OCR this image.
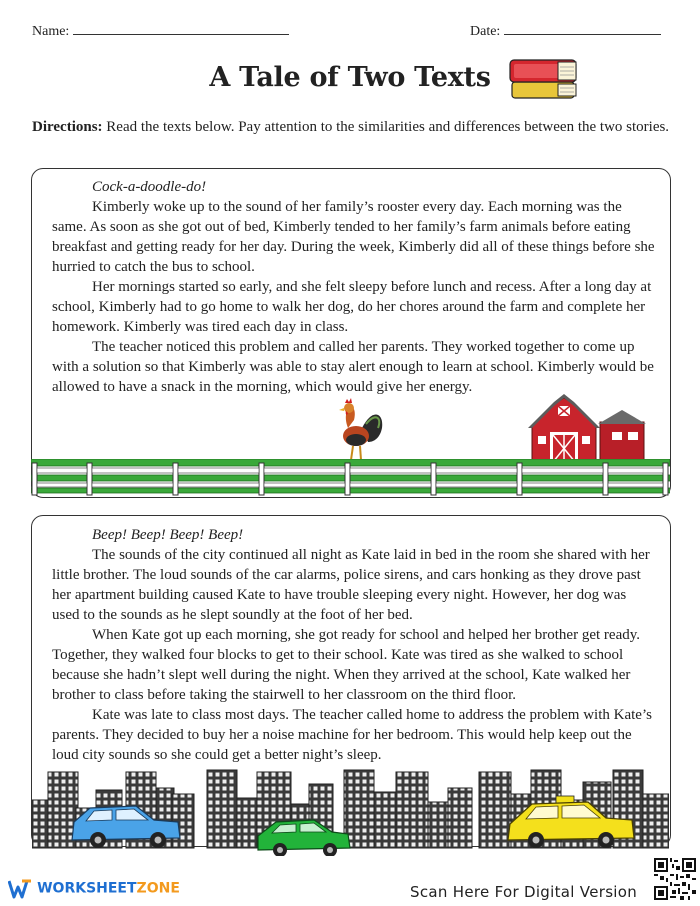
Name:	Date:
A Tale of Two Texts
Directions: Read the texts below. Pay attention to the similarities and differences between the two stories.

Cock-a-doodle-do!

Kimberly woke up to the sound of her family’s rooster every day. Each morning was the same. As soon as she got out of bed, Kimberly tended to her family’s farm animals before eating breakfast and getting ready for her day. During the week, Kimberly did all of these things before she hurried to catch the bus to school.

Her mornings started so early, and she felt sleepy before lunch and recess. After a long day at school, Kimberly had to go home to walk her dog, do her chores around the farm and complete her homework. Kimberly was tired each day in class.

The teacher noticed this problem and called her parents. They worked together to come up with a solution so that Kimberly was able to stay alert enough to learn at school. Kimberly would be allowed to have a snack in the morning, which would give her energy.

Beep! Beep! Beep! Beep!

The sounds of the city continued all night as Kate laid in bed in the room she shared with her little brother. The loud sounds of the car alarms, police sirens, and cars honking as they drove past her apartment building caused Kate to have trouble sleeping every night. However, her dog was used to the sounds as he slept soundly at the foot of her bed.

When Kate got up each morning, she got ready for school and helped her brother get ready. Together, they walked four blocks to get to their school. Kate was tired as she walked to school because she hadn’t slept well during the night. When they arrived at the school, Kate walked her brother to class before taking the stairwell to her classroom on the third floor.

Kate was late to class most days. The teacher called home to address the problem with Kate’s parents. They decided to buy her a noise machine for her bedroom. This would help keep out the loud city sounds so she could get a better night’s sleep.

WORKSHEETZONE	Scan Here For Digital Version
